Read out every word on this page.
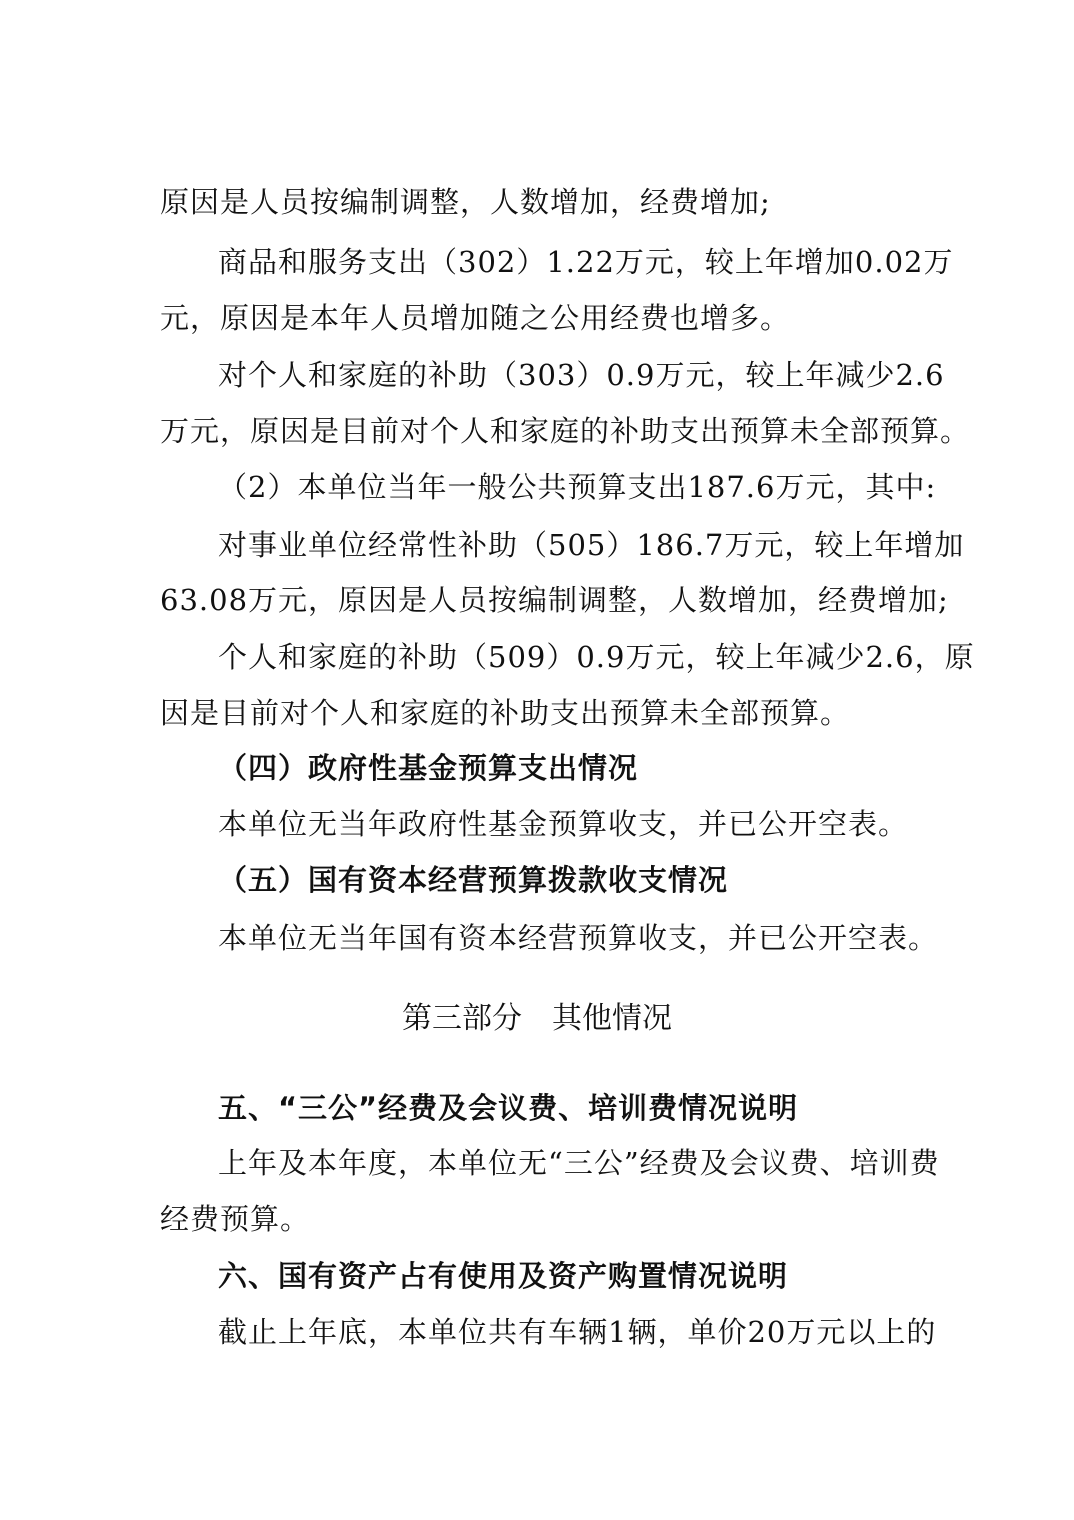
原因是人员按编制调整，人数增加，经费增加;
商品和服务支出（302）1.22万元，较上年增加0.02万
元，原因是本年人员增加随之公用经费也增多。
对个人和家庭的补助（303）0.9万元，较上年减少2.6
万元，原因是目前对个人和家庭的补助支出预算未全部预算。
（2）本单位当年一般公共预算支出187.6万元，其中:
对事业单位经常性补助（505）186.7万元，较上年增加
63.08万元，原因是人员按编制调整，人数增加，经费增加;
个人和家庭的补助（509）0.9万元，较上年减少2.6，原
因是目前对个人和家庭的补助支出预算未全部预算。
（四）政府性基金预算支出情况
本单位无当年政府性基金预算收支，并已公开空表。
（五）国有资本经营预算拨款收支情况
本单位无当年国有资本经营预算收支，并已公开空表。
第三部分　其他情况
五、“三公”经费及会议费、培训费情况说明
上年及本年度，本单位无“三公”经费及会议费、培训费
经费预算。
六、国有资产占有使用及资产购置情况说明
截止上年底，本单位共有车辆1辆，单价20万元以上的
